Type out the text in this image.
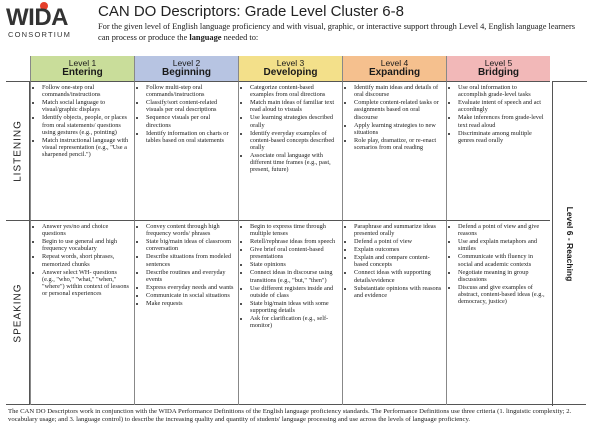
WIDA
CONSORTIUM
CAN DO Descriptors: Grade Level Cluster 6-8
For the given level of English language proficiency and with visual, graphic, or interactive support through Level 4, English language learners can process or produce the language needed to:
Level 6 - Reaching
Level 1
Entering
Level 2
Beginning
Level 3
Developing
Level 4
Expanding
Level 5
Bridging
LISTENING
• Follow one-step oral commands/instructions
• Match social language to visual/graphic displays
• Identify objects, people, or places from oral statements/ questions using gestures (e.g., pointing)
• Match instructional language with visual representation (e.g., "Use a sharpened pencil.")
• Follow multi-step oral commands/instructions
• Classify/sort content-related visuals per oral descriptions
• Sequence visuals per oral directions
• Identify information on charts or tables based on oral statements
• Categorize content-based examples from oral directions
• Match main ideas of familiar text read aloud to visuals
• Use learning strategies described orally
• Identify everyday examples of content-based concepts described orally
• Associate oral language with different time frames (e.g., past, present, future)
• Identify main ideas and details of oral discourse
• Complete content-related tasks or assignments based on oral discourse
• Apply learning strategies to new situations
• Role play, dramatize, or re-enact scenarios from oral reading
• Use oral information to accomplish grade-level tasks
• Evaluate intent of speech and act accordingly
• Make inferences from grade-level text read aloud
• Discriminate among multiple genres read orally
SPEAKING
• Answer yes/no and choice questions
• Begin to use general and high frequency vocabulary
• Repeat words, short phrases, memorized chunks
• Answer select WH- questions (e.g., "who," "what," "when," "where") within context of lessons or personal experiences
• Convey content through high frequency words/ phrases
• State big/main ideas of classroom conversation
• Describe situations from modeled sentences
• Describe routines and everyday events
• Express everyday needs and wants
• Communicate in social situations
• Make requests
• Begin to express time through multiple tenses
• Retell/rephrase ideas from speech
• Give brief oral content-based presentations
• State opinions
• Connect ideas in discourse using transitions (e.g., "but," "then")
• Use different registers inside and outside of class
• State big/main ideas with some supporting details
• Ask for clarification (e.g., self-monitor)
• Paraphrase and summarize ideas presented orally
• Defend a point of view
• Explain outcomes
• Explain and compare content-based concepts
• Connect ideas with supporting details/evidence
• Substantiate opinions with reasons and evidence
• Defend a point of view and give reasons
• Use and explain metaphors and similes
• Communicate with fluency in social and academic contexts
• Negotiate meaning in group discussions
• Discuss and give examples of abstract, content-based ideas (e.g., democracy, justice)
The CAN DO Descriptors work in conjunction with the WIDA Performance Definitions of the English language proficiency standards. The Performance Definitions use three criteria (1. linguistic complexity; 2. vocabulary usage; and 3. language control) to describe the increasing quality and quantity of students' language processing and use across the levels of language proficiency.
